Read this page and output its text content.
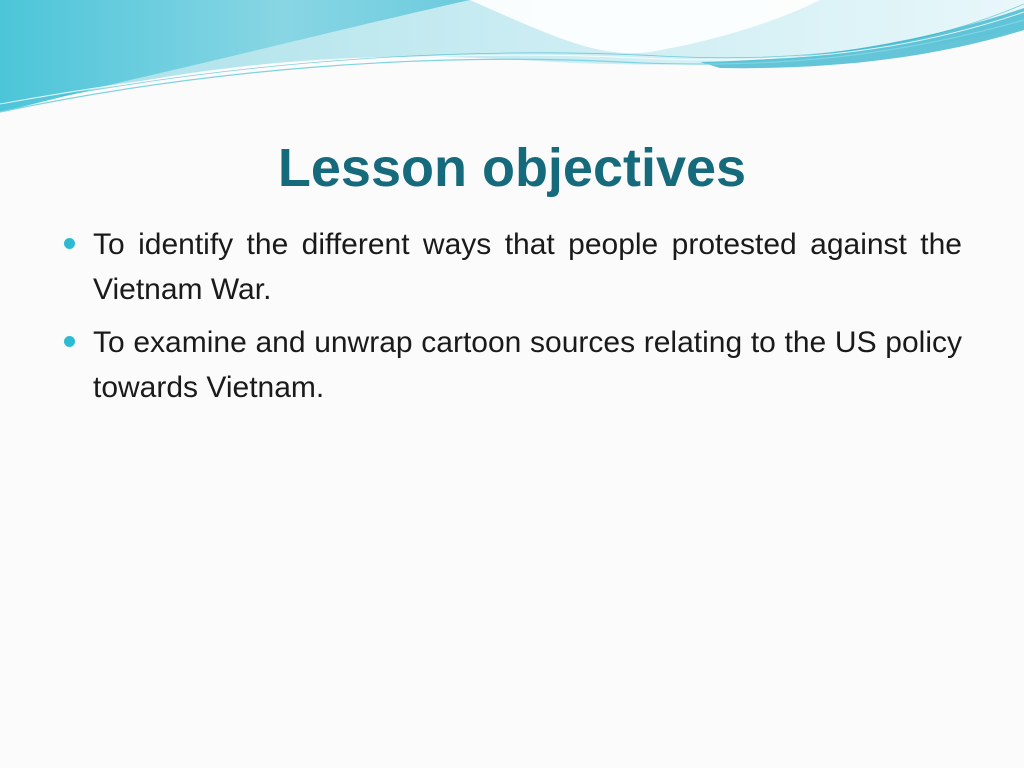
Lesson objectives
To identify the different ways that people protested against the Vietnam War.
To examine and unwrap cartoon sources relating to the US policy towards Vietnam.
